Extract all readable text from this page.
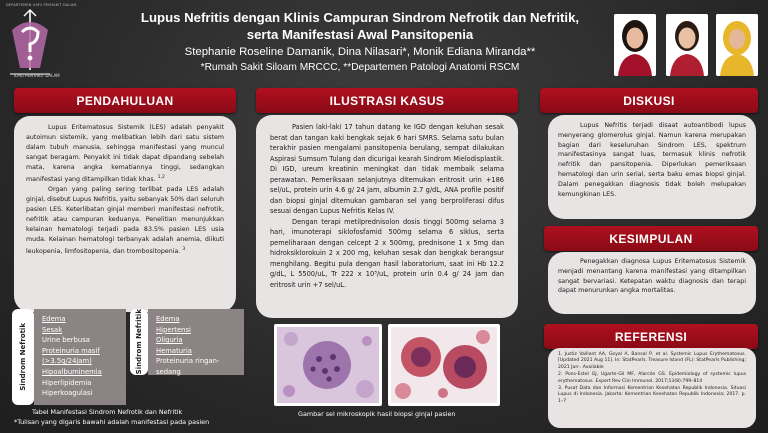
DEPARTEMEN ILMU PENYAKIT DALAM
ILMU PENYAKIT DALAM
Lupus Nefritis dengan Klinis Campuran Sindrom Nefrotik dan Nefritik,
serta Manifestasi Awal Pansitopenia
Stephanie Roseline Damanik, Dina Nilasari*, Monik Ediana Miranda**
*Rumah Sakit Siloam MRCCC, **Departemen Patologi Anatomi RSCM
PENDAHULUAN

Lupus Eritematosus Sistemik (LES) adalah penyakit autoimun sistemik, yang melibatkan lebih dari satu sistem dalam tubuh manusia, sehingga manifestasi yang muncul sangat beragam. Penyakit ini tidak dapat dipandang sebelah mata, karena angka kematiannya tinggi, sedangkan manifestasi yang ditampilkan tidak khas. $^{1,2}$

Organ yang paling sering terlibat pada LES adalah ginjal, disebut Lupus Nefritis, yaitu sebanyak 50% dari seluruh pasien LES. Keterlibatan ginjal memberi manifestasi nefrotik, nefritik atau campuran keduanya. Penelitian menunjukkan kelainan hematologi terjadi pada 83.5% pasien LES usia muda. Kelainan hematologi terbanyak adalah anemia, diikuti leukopenia, limfositopenia, dan trombositopenia. $^3$

Sindrom Nefrotik
Edema
Sesak
Urine berbusa
Proteinuria masif
(>3.5g/24jam)
Hipoalbuminemia
Hiperlipidemia
Hiperkoagulasi
Sindrom Nefritik Edema
Hipertensi
Oliguria
Hematuria
Proteinuria ringan-
sedang
Tabel Manifestasi Sindrom Nefrotik dan Nefritik
*Tulisan yang digaris bawahi adalah manifestasi pada pasien
ILUSTRASI KASUS

Pasien laki-laki 17 tahun datang ke IGD dengan keluhan sesak berat dan tangan kaki bengkak sejak 6 hari SMRS. Selama satu bulan terakhir pasien mengalami pansitopenia berulang, sempat dilakukan Aspirasi Sumsum Tulang dan dicurigai kearah Sindrom Mielodisplastik. Di IGD, ureum kreatinin meningkat dan tidak membaik selama perawatan. Pemeriksaan selanjutnya ditemukan eritrosit urin +186 sel/uL, protein urin 4.6 g/ 24 jam, albumin 2.7 g/dL, ANA profile positif dan biopsi ginjal ditemukan gambaran sel yang berproliferasi difus sesuai dengan Lupus Nefritis Kelas IV.

Dengan terapi metilprednisolon dosis tinggi 500mg selama 3 hari, imunoterapi siklofosfamid 500mg selama 6 siklus, serta pemeliharaan dengan celcept 2 x 500mg, prednisone 1 x 5mg dan hidroksiklorokuin 2 x 200 mg, keluhan sesak dan bengkak berangsur menghilang. Begitu pula dengan hasil laboratorium, saat ini Hb 12.2 g/dL, L 5500/uL, Tr 222 x 10³/uL, protein urin 0.4 g/ 24 jam dan eritrosit urin +7 sel/uL.

Gambar sel mikroskopik hasil biopsi ginjal pasien
DISKUSI

Lupus Nefritis terjadi disaat autoantibodi lupus menyerang glomerolus ginjal. Namun karena merupakan bagian dari keseluruhan Sindrom LES, spektrum manifestasinya sangat luas, termasuk klinis nefrotik nefritik dan pansitopenia. Diperlukan pemeriksaan hematologi dan urin serial, serta baku emas biopsi ginjal. Dalam penegakkan diagnosis tidak boleh melupakan kemungkinan LES.

KESIMPULAN

Penegakkan diagnosa Lupus Eritematosus Sistemik menjadi menantang karena manifestasi yang ditampilkan sangat bervariasi. Ketepatan waktu diagnosis dan terapi dapat menurunkan angka mortalitas.

REFERENSI
1. Justiz Vaillant AA, Goyal A, Bansal P, et al. Systemic Lupus Erythematosus. [Updated 2021 Aug 11]. In: StatPearls. Treasure Island (FL): StatPearls Publishing; 2021 Jan-. Available
2. Pons-Estel GJ, Ugarte-Gil MF, Alarcón GS. Epidemiology of systemic lupus erythematosus. Expert Rev Clin Immunol. 2017;13(8):799–814
3. Pusat Data dan Informasi Kementrian Kesehatan Republik Indonesia. Situasi Lupus di Indonesia. Jakarta: Kementrian Kesehatan Republik Indonesia; 2017. p. 1–7
